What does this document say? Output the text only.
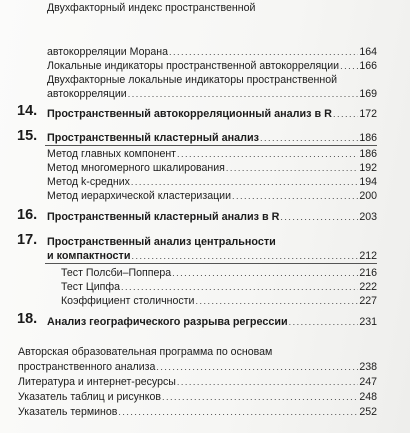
Двухфакторный индекс пространственной
автокорреляции Морана .....	164
Локальные индикаторы пространственной автокорреляции ..... 166
Двухфакторные локальные индикаторы пространственной
автокорреляции .....	169
14. Пространственный автокорреляционный анализ в R .....	172
15. Пространственный кластерный анализ .....	186
Метод главных компонент .....	186
Метод многомерного шкалирования .....	192
Метод k-средних .....	194
Метод иерархической кластеризации .....	200
16. Пространственный кластерный анализ в R .....	203
17. Пространственный анализ центральности
и компактности .....	212
Тест Полсби–Поппера .....	216
Тест Ципфа .....	222
Коэффициент столичности .....	227
18. Анализ географического разрыва регрессии .....	231
Авторская образовательная программа по основам
пространственного анализа .....	238
Литература и интернет-ресурсы .....	247
Указатель таблиц и рисунков .....	248
Указатель терминов .....	252
